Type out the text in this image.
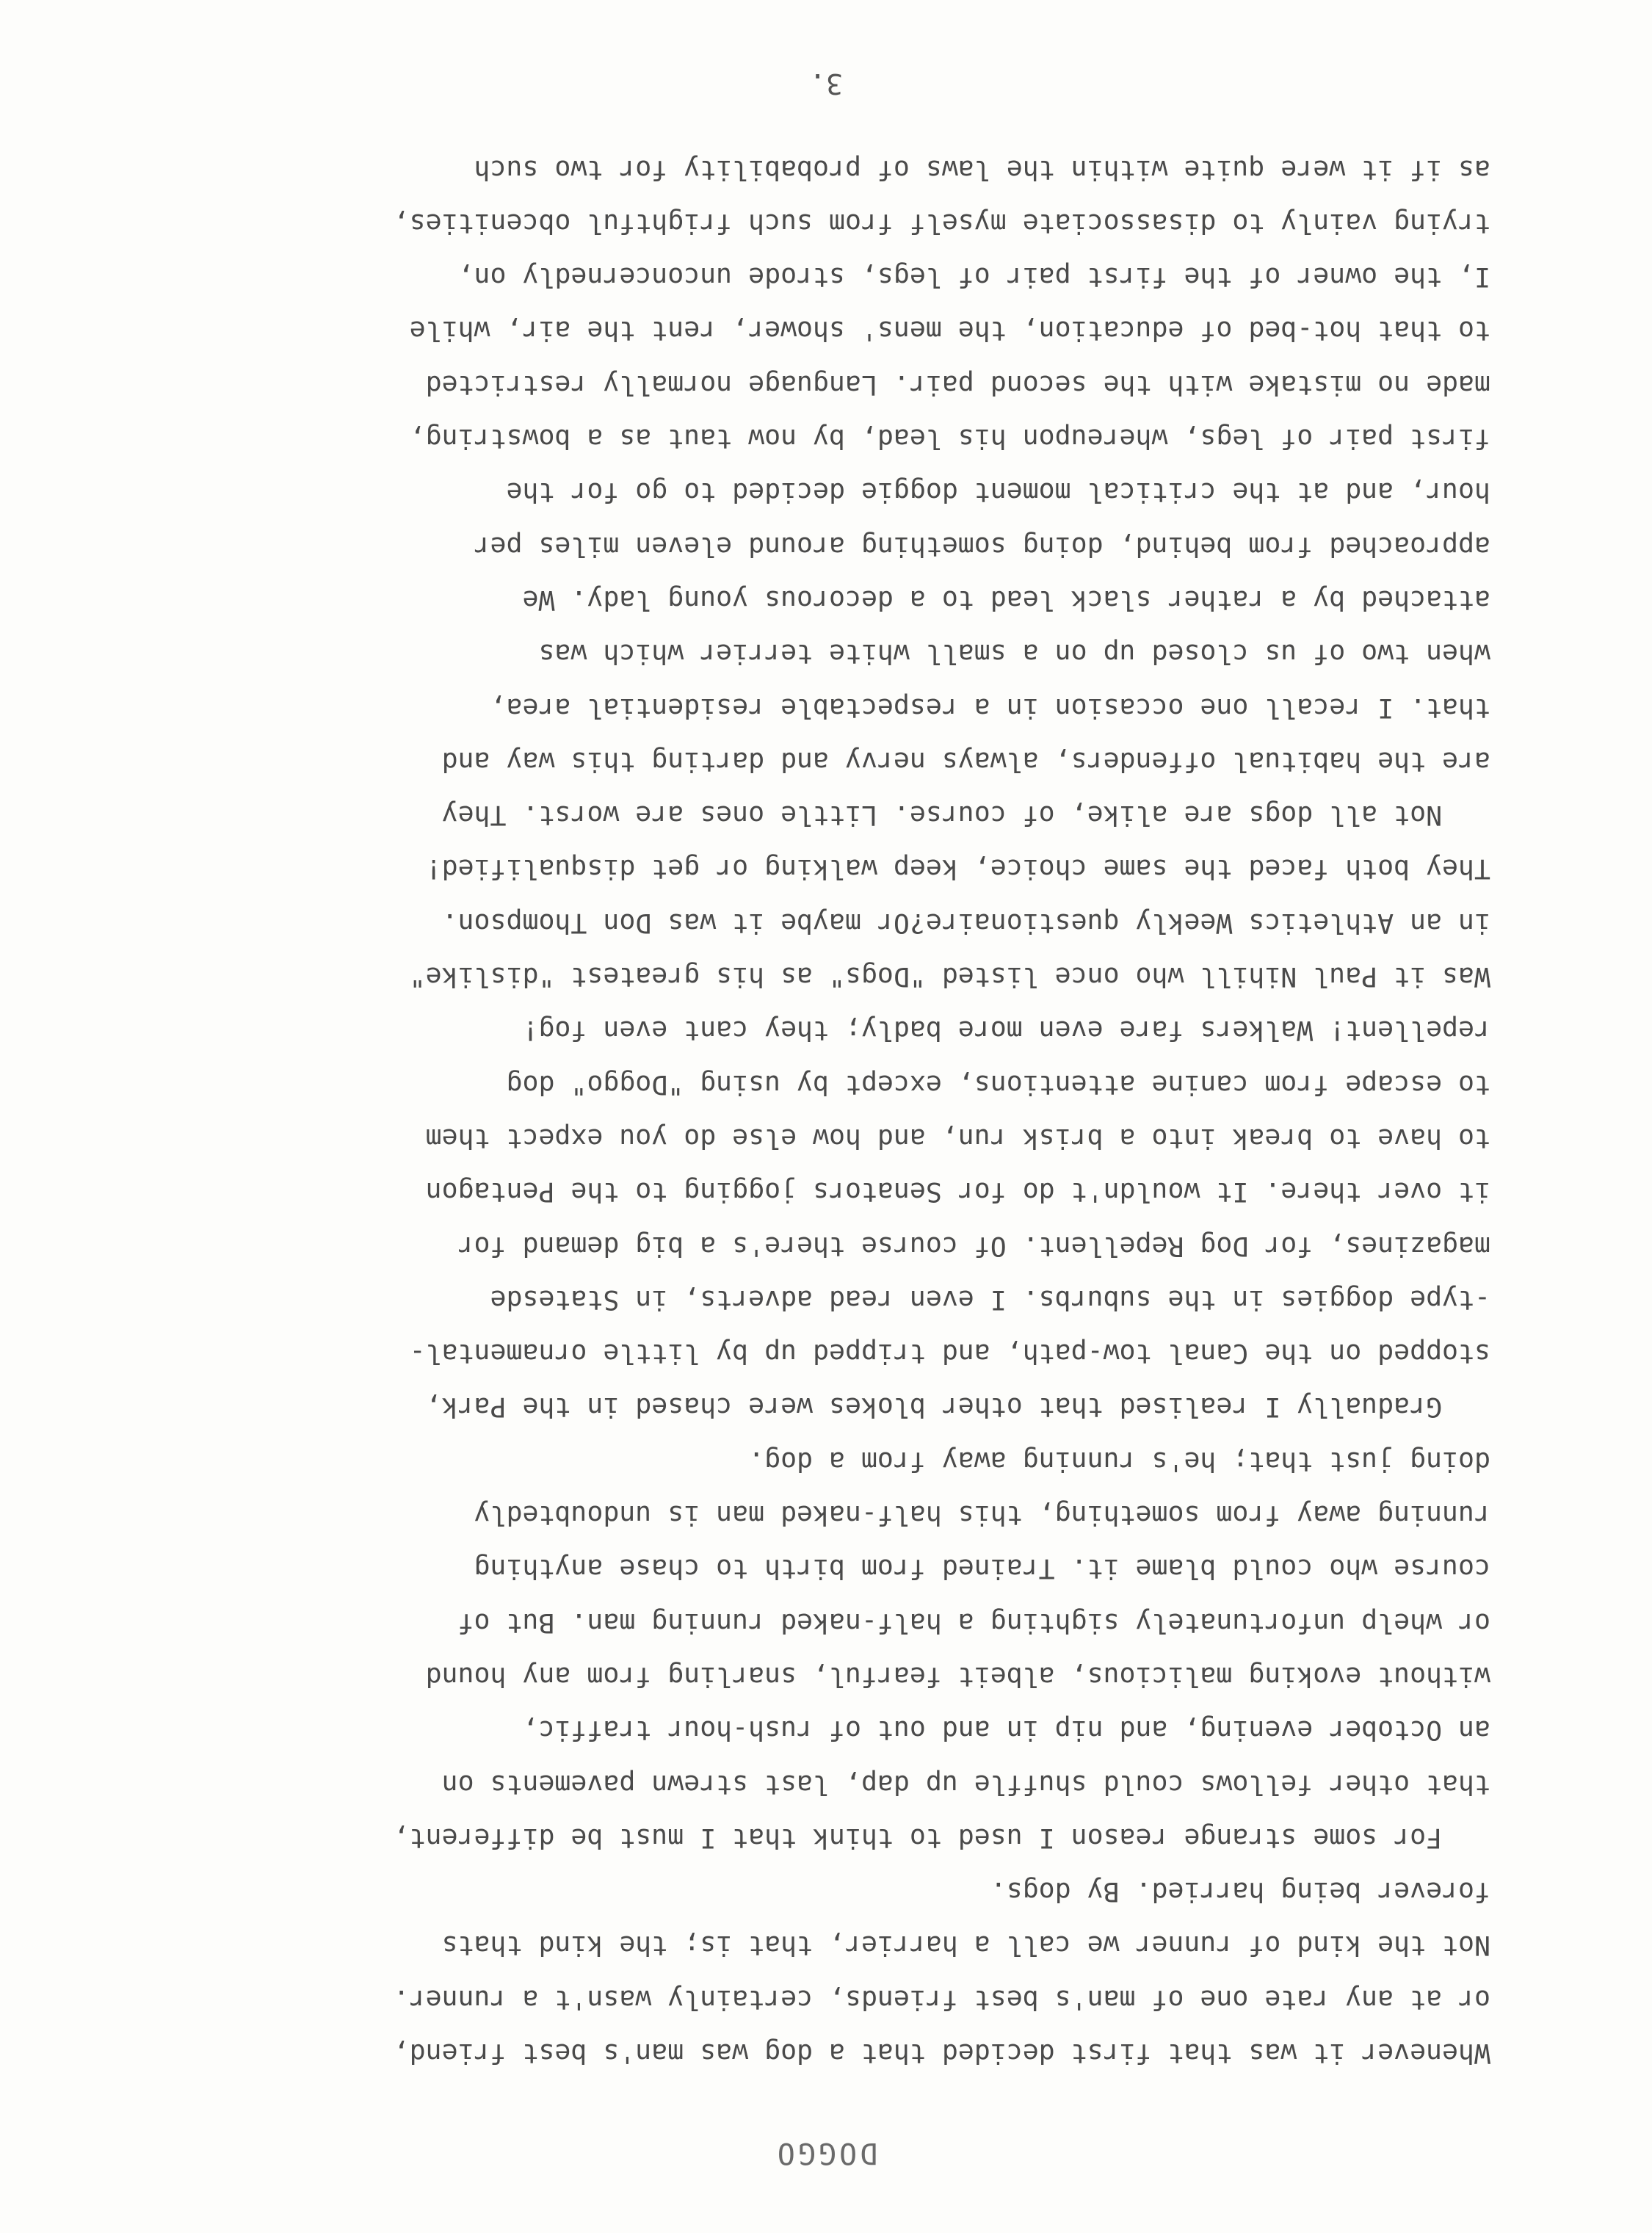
DOGGO
Whenever it was that first decided that a dog was man's best friend,
or at any rate one of man's best friends, certainly wasn't a runner.
Not the kind of runner we call a harrier, that is; the kind thats
forever being harried. By dogs.
For some strange reason I used to think that I must be different,
that other fellows could shuffle up dap, last strewn pavements on
an October evening, and nip in and out of rush-hour traffic,
without evoking malicious, albeit fearful, snarling from any hound
or whelp unfortunately sighting a half-naked running man. But of
course who could blame it. Trained from birth to chase anything
running away from something, this half-naked man is undoubtedly
doing just that; he's running away from a dog.
Gradually I realised that other blokes were chased in the Park,
stopped on the Canal tow-path, and tripped up by little ornamental-
-type doggies in the suburbs. I even read adverts, in Statesde
magazines, for Dog Repellent. Of course there's a big demand for
it over there. It wouldn't do for Senators jogging to the Pentagon
to have to break into a brisk run, and how else do you expect them
to escape from canine attentions, except by using "Doggo" dog
repellent! Walkers fare even more badly; they cant even fog!
Was it Paul Nihill who once listed "Dogs" as his greatest "dislike"
in an Athletics Weekly questionaire?Or maybe it was Don Thompson.
They both faced the same choice, keep walking or get disqualified!
Not all dogs are alike, of course. Little ones are worst. They
are the habitual offenders, always nervy and darting this way and
that. I recall one occasion in a respectable residential area,
when two of us closed up on a small white terrier which was
attached by a rather slack lead to a decorous young lady. We
approached from behind, doing something around eleven miles per
hour, and at the critical moment doggie decided to go for the
first pair of legs, whereupon his lead, by now taut as a bowstring,
made no mistake with the second pair. Language normally restricted
to that hot-bed of education, the mens' shower, rent the air, while
I, the owner of the first pair of legs, strode unconcernedly on,
trying vainly to disassociate myself from such frightful obcenities,
as if it were quite within the laws of probability for two such
3.
